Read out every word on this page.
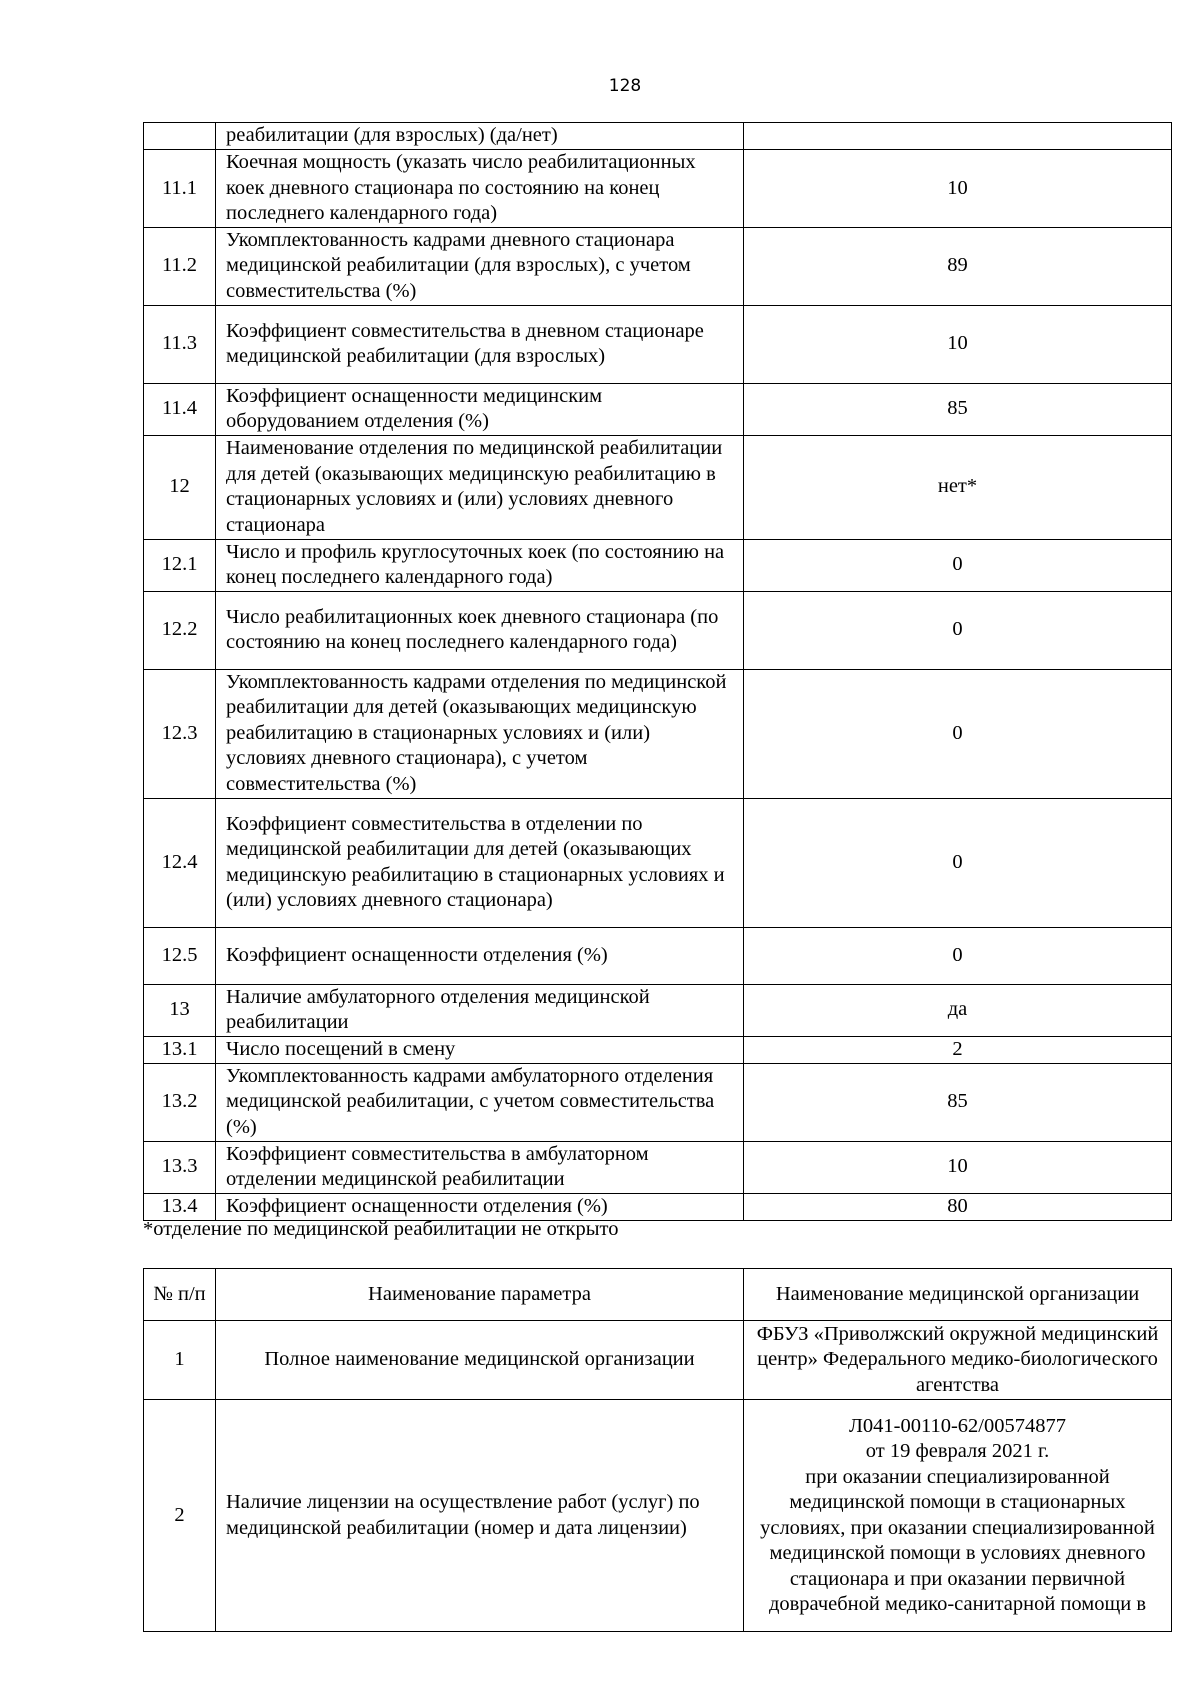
128
	реабилитации (для взрослых) (да/нет)	
11.1	Коечная мощность (указать число реабилитационных коек дневного стационара по состоянию на конец последнего календарного года)	10
11.2	Укомплектованность кадрами дневного стационара медицинской реабилитации (для взрослых), с учетом совместительства (%)	89
11.3	Коэффициент совместительства в дневном стационаре медицинской реабилитации (для взрослых)	10
11.4	Коэффициент оснащенности медицинским оборудованием отделения (%)	85
12	Наименование отделения по медицинской реабилитации для детей (оказывающих медицинскую реабилитацию в стационарных условиях и (или) условиях дневного стационара	нет*
12.1	Число и профиль круглосуточных коек (по состоянию на конец последнего календарного года)	0
12.2	Число реабилитационных коек дневного стационара (по состоянию на конец последнего календарного года)	0
12.3	Укомплектованность кадрами отделения по медицинской реабилитации для детей (оказывающих медицинскую реабилитацию в стационарных условиях и (или) условиях дневного стационара), с учетом совместительства (%)	0
12.4	Коэффициент совместительства в отделении по медицинской реабилитации для детей (оказывающих медицинскую реабилитацию в стационарных условиях и (или) условиях дневного стационара)	0
12.5	Коэффициент оснащенности отделения (%)	0
13	Наличие амбулаторного отделения медицинской реабилитации	да
13.1	Число посещений в смену	2
13.2	Укомплектованность кадрами амбулаторного отделения медицинской реабилитации, с учетом совместительства (%)	85
13.3	Коэффициент совместительства в амбулаторном отделении медицинской реабилитации	10
13.4	Коэффициент оснащенности отделения (%)	80
*отделение по медицинской реабилитации не открыто
№ п/п	Наименование параметра	Наименование медицинской организации
1	Полное наименование медицинской организации	ФБУЗ «Приволжский окружной медицинский центр» Федерального медико-биологического агентства
2	Наличие лицензии на осуществление работ (услуг) по медицинской реабилитации (номер и дата лицензии)	Л041-00110-62/00574877
от 19 февраля 2021 г.
при оказании специализированной медицинской помощи в стационарных условиях, при оказании специализированной медицинской помощи в условиях дневного стационара и при оказании первичной доврачебной медико-санитарной помощи в
